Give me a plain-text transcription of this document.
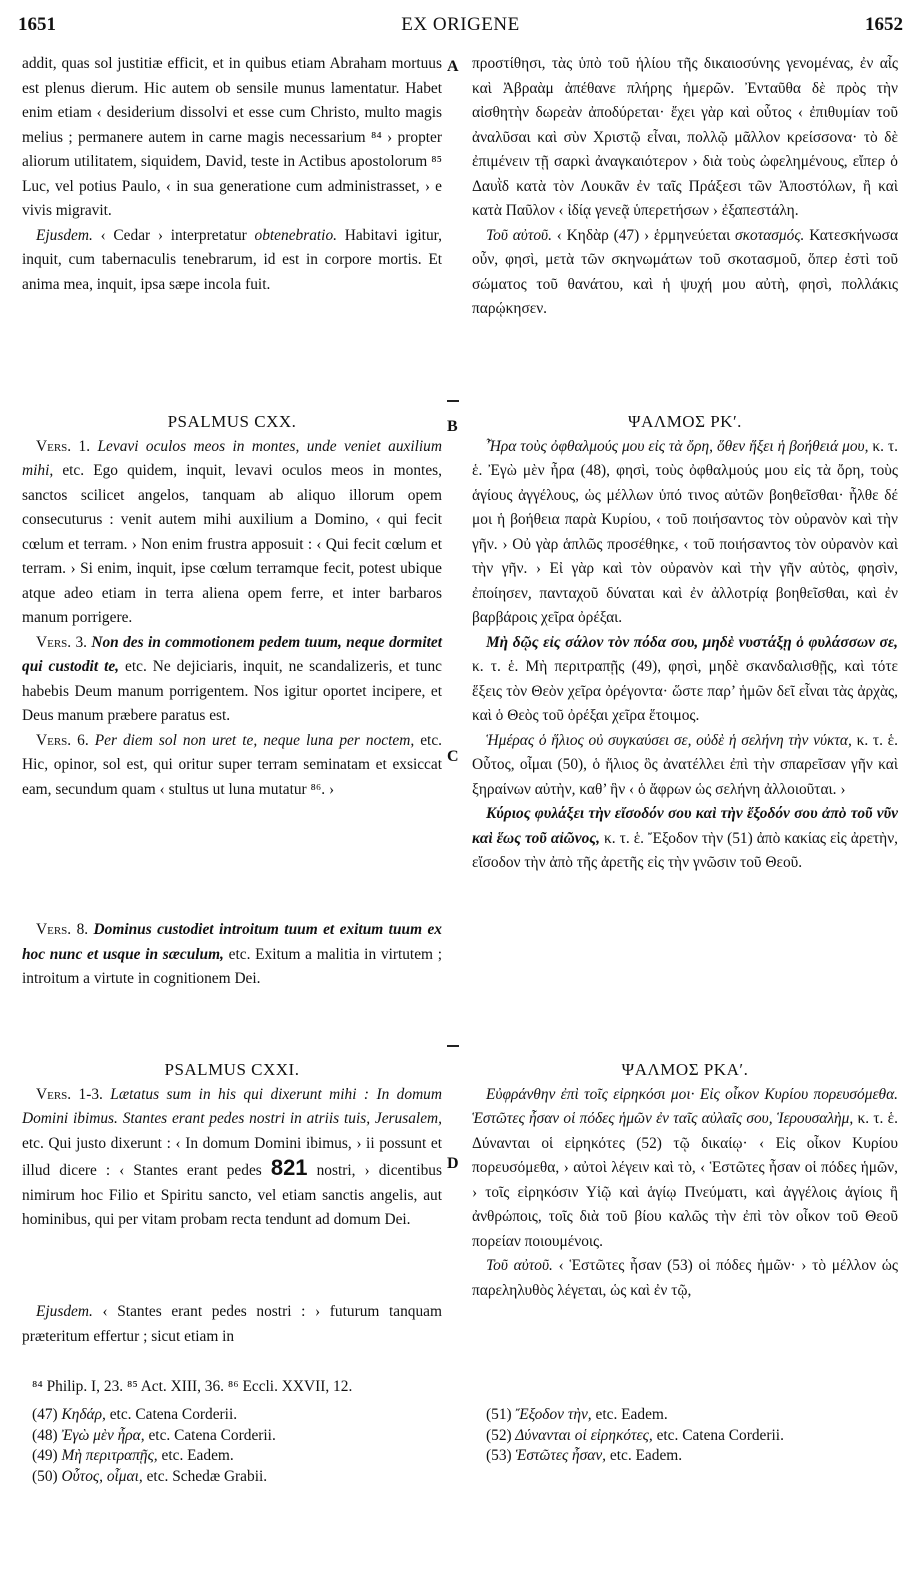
1651	EX ORIGENE	1652
A
B
C
D

addit, quas sol justitiæ efficit, et in quibus etiam Abraham mortuus est plenus dierum. Hic autem ob sensile munus lamentatur. Habet enim etiam ‹ desiderium dissolvi et esse cum Christo, multo magis melius ; permanere autem in carne magis necessarium ⁸⁴ › propter aliorum utilitatem, siquidem, David, teste in Actibus apostolorum ⁸⁵ Luc, vel potius Paulo, ‹ in sua generatione cum administrasset, › e vivis migravit.

Ejusdem. ‹ Cedar › interpretatur obtenebratio. Habitavi igitur, inquit, cum tabernaculis tenebrarum, id est in corpore mortis. Et anima mea, inquit, ipsa sæpe incola fuit.

PSALMUS CXX.

Vers. 1. Levavi oculos meos in montes, unde veniet auxilium mihi, etc. Ego quidem, inquit, levavi oculos meos in montes, sanctos scilicet angelos, tanquam ab aliquo illorum opem consecuturus : venit autem mihi auxilium a Domino, ‹ qui fecit cœlum et terram. › Non enim frustra apposuit : ‹ Qui fecit cœlum et terram. › Si enim, inquit, ipse cœlum terramque fecit, potest ubique atque adeo etiam in terra aliena opem ferre, et inter barbaros manum porrigere.

Vers. 3. Non des in commotionem pedem tuum, neque dormitet qui custodit te, etc. Ne dejiciaris, inquit, ne scandalizeris, et tunc habebis Deum manum porrigentem. Nos igitur oportet incipere, et Deus manum præbere paratus est.

Vers. 6. Per diem sol non uret te, neque luna per noctem, etc. Hic, opinor, sol est, qui oritur super terram seminatam et exsiccat eam, secundum quam ‹ stultus ut luna mutatur ⁸⁶. ›

Vers. 8. Dominus custodiet introitum tuum et exitum tuum ex hoc nunc et usque in sæculum, etc. Exitum a malitia in virtutem ; introitum a virtute in cognitionem Dei.

PSALMUS CXXI.

Vers. 1-3. Lætatus sum in his qui dixerunt mihi : In domum Domini ibimus. Stantes erant pedes nostri in atriis tuis, Jerusalem, etc. Qui justo dixerunt : ‹ In domum Domini ibimus, › ii possunt et illud dicere : ‹ Stantes erant pedes 821 nostri, › dicentibus nimirum hoc Filio et Spiritu sancto, vel etiam sanctis angelis, aut hominibus, qui per vitam probam recta tendunt ad domum Dei.

Ejusdem. ‹ Stantes erant pedes nostri : › futurum tanquam præteritum effertur ; sicut etiam in

προστίθησι, τὰς ὑπὸ τοῦ ἡλίου τῆς δικαιοσύνης γενομένας, ἐν αἷς καὶ Ἀβραὰμ ἀπέθανε πλήρης ἡμερῶν. Ἐνταῦθα δὲ πρὸς τὴν αἰσθητὴν δωρεὰν ἀποδύρεται· ἔχει γὰρ καὶ οὗτος ‹ ἐπιθυμίαν τοῦ ἀναλῦσαι καὶ σὺν Χριστῷ εἶναι, πολλῷ μᾶλλον κρείσσονα· τὸ δὲ ἐπιμένειν τῇ σαρκὶ ἀναγκαιότερον › διὰ τοὺς ὠφελημένους, εἴπερ ὁ Δαυῒδ κατὰ τὸν Λουκᾶν ἐν ταῖς Πράξεσι τῶν Ἀποστόλων, ἢ καὶ κατὰ Παῦλον ‹ ἰδίᾳ γενεᾷ ὑπερετήσων › ἐξαπεστάλη.

Τοῦ αὐτοῦ. ‹ Κηδὰρ (47) › ἑρμηνεύεται σκοτασμός. Κατεσκήνωσα οὖν, φησὶ, μετὰ τῶν σκηνωμάτων τοῦ σκοτασμοῦ, ὅπερ ἐστὶ τοῦ σώματος τοῦ θανάτου, καὶ ἡ ψυχή μου αὐτὴ, φησὶ, πολλάκις παρῴκησεν.

ΨΑΛΜΟΣ ΡΚʹ.

Ἦρα τοὺς ὀφθαλμούς μου εἰς τὰ ὄρη, ὅθεν ἥξει ἡ βοήθειά μου, κ. τ. ἑ. Ἐγὼ μὲν ἦρα (48), φησὶ, τοὺς ὀφθαλμούς μου εἰς τὰ ὄρη, τοὺς ἁγίους ἀγγέλους, ὡς μέλλων ὑπό τινος αὐτῶν βοηθεῖσθαι· ἦλθε δέ μοι ἡ βοήθεια παρὰ Κυρίου, ‹ τοῦ ποιήσαντος τὸν οὐρανὸν καὶ τὴν γῆν. › Οὐ γὰρ ἁπλῶς προσέθηκε, ‹ τοῦ ποιήσαντος τὸν οὐρανὸν καὶ τὴν γῆν. › Εἰ γὰρ καὶ τὸν οὐρανὸν καὶ τὴν γῆν αὐτὸς, φησὶν, ἐποίησεν, πανταχοῦ δύναται καὶ ἐν ἀλλοτρίᾳ βοηθεῖσθαι, καὶ ἐν βαρβάροις χεῖρα ὀρέξαι.

Μὴ δῷς εἰς σάλον τὸν πόδα σου, μηδὲ νυστάξῃ ὁ φυλάσσων σε, κ. τ. ἑ. Μὴ περιτραπῇς (49), φησὶ, μηδὲ σκανδαλισθῇς, καὶ τότε ἕξεις τὸν Θεὸν χεῖρα ὀρέγοντα· ὥστε παρ’ ἡμῶν δεῖ εἶναι τὰς ἀρχὰς, καὶ ὁ Θεὸς τοῦ ὀρέξαι χεῖρα ἕτοιμος.

Ἡμέρας ὁ ἥλιος οὐ συγκαύσει σε, οὐδὲ ἡ σελήνη τὴν νύκτα, κ. τ. ἑ. Οὗτος, οἶμαι (50), ὁ ἥλιος ὃς ἀνατέλλει ἐπὶ τὴν σπαρεῖσαν γῆν καὶ ξηραίνων αὐτὴν, καθ’ ἣν ‹ ὁ ἄφρων ὡς σελήνη ἀλλοιοῦται. ›

Κύριος φυλάξει τὴν εἴσοδόν σου καὶ τὴν ἔξοδόν σου ἀπὸ τοῦ νῦν καὶ ἕως τοῦ αἰῶνος, κ. τ. ἑ. Ἔξοδον τὴν (51) ἀπὸ κακίας εἰς ἀρετὴν, εἴσοδον τὴν ἀπὸ τῆς ἀρετῆς εἰς τὴν γνῶσιν τοῦ Θεοῦ.

ΨΑΛΜΟΣ ΡΚΑʹ.

Εὐφράνθην ἐπὶ τοῖς εἰρηκόσι μοι· Εἰς οἶκον Κυρίου πορευσόμεθα. Ἑστῶτες ἦσαν οἱ πόδες ἡμῶν ἐν ταῖς αὐλαῖς σου, Ἱερουσαλὴμ, κ. τ. ἑ. Δύνανται οἱ εἰρηκότες (52) τῷ δικαίῳ· ‹ Εἰς οἶκον Κυρίου πορευσόμεθα, › αὐτοὶ λέγειν καὶ τὸ, ‹ Ἑστῶτες ἦσαν οἱ πόδες ἡμῶν, › τοῖς εἰρηκόσιν Υἱῷ καὶ ἁγίῳ Πνεύματι, καὶ ἀγγέλοις ἁγίοις ἢ ἀνθρώποις, τοῖς διὰ τοῦ βίου καλῶς τὴν ἐπὶ τὸν οἶκον τοῦ Θεοῦ πορείαν ποιουμένοις.

Τοῦ αὐτοῦ. ‹ Ἑστῶτες ἦσαν (53) οἱ πόδες ἡμῶν· › τὸ μέλλον ὡς παρεληλυθὸς λέγεται, ὡς καὶ ἐν τῷ,

⁸⁴ Philip. I, 23. ⁸⁵ Act. XIII, 36. ⁸⁶ Eccli. XXVII, 12.
(47) Κηδάρ, etc. Catena Corderii.
(48) Ἐγὼ μὲν ἦρα, etc. Catena Corderii.
(49) Μὴ περιτραπῇς, etc. Eadem.
(50) Οὗτος, οἶμαι, etc. Schedæ Grabii.
(51) Ἔξοδον τὴν, etc. Eadem.
(52) Δύνανται οἱ εἰρηκότες, etc. Catena Corderii.
(53) Ἑστῶτες ἦσαν, etc. Eadem.
